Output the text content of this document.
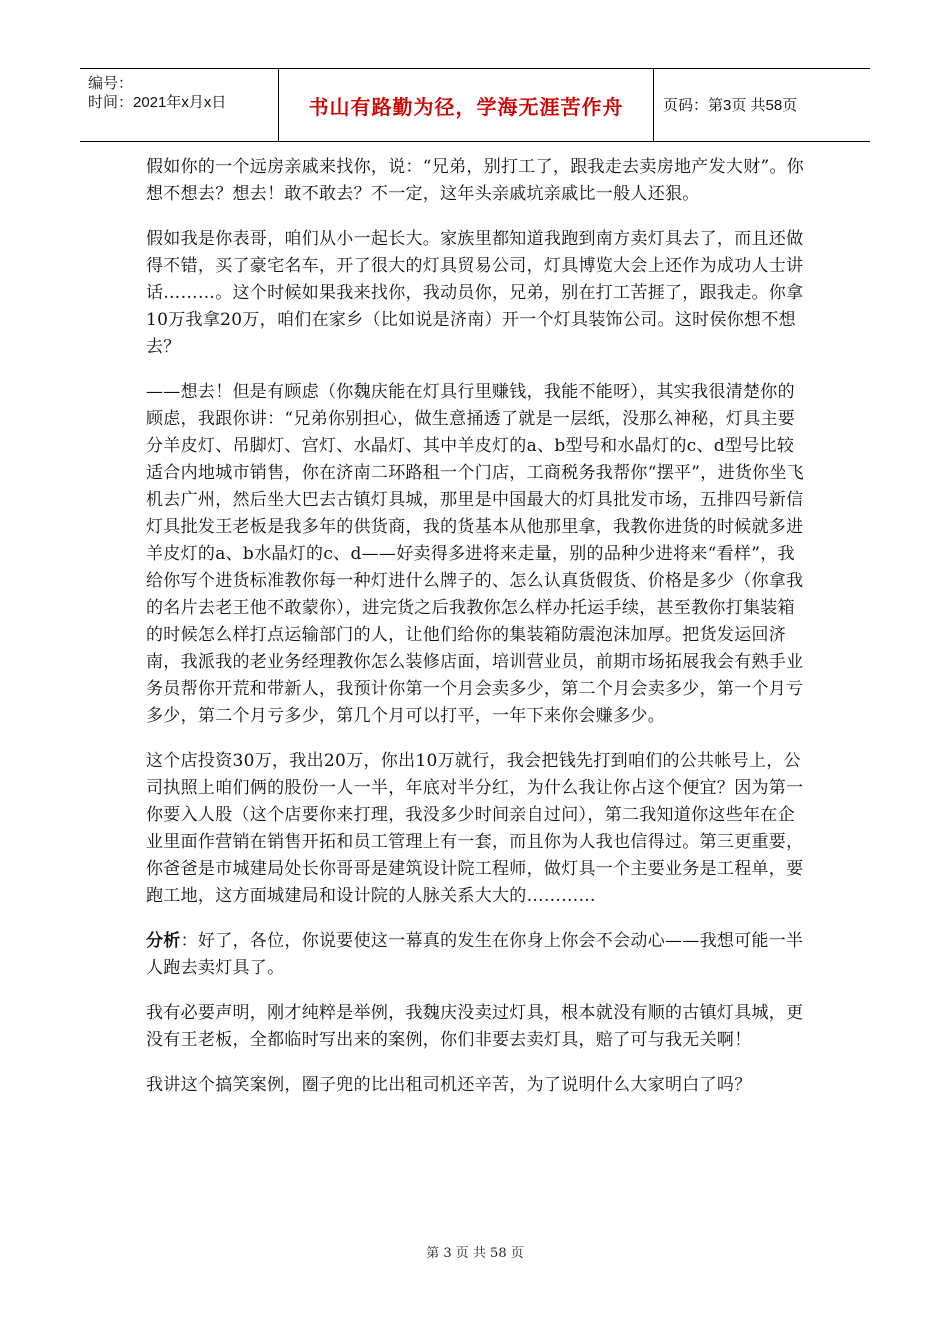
编号：
时间：2021年x月x日	书山有路勤为径，学海无涯苦作舟	页码：第3页 共58页

假如你的一个远房亲戚来找你，说：“兄弟，别打工了，跟我走去卖房地产发大财”。你想不想去？想去！敢不敢去？不一定，这年头亲戚坑亲戚比一般人还狠。

假如我是你表哥，咱们从小一起长大。家族里都知道我跑到南方卖灯具去了，而且还做得不错，买了豪宅名车，开了很大的灯具贸易公司，灯具博览大会上还作为成功人士讲话………。这个时候如果我来找你，我动员你，兄弟，别在打工苦捱了，跟我走。你拿10万我拿20万，咱们在家乡（比如说是济南）开一个灯具装饰公司。这时侯你想不想去？

——想去！但是有顾虑（你魏庆能在灯具行里赚钱，我能不能呀），其实我很清楚你的顾虑，我跟你讲：“兄弟你别担心，做生意捅透了就是一层纸，没那么神秘，灯具主要分羊皮灯、吊脚灯、宫灯、水晶灯、其中羊皮灯的a、b型号和水晶灯的c、d型号比较适合内地城市销售，你在济南二环路租一个门店，工商税务我帮你“摆平”，进货你坐飞机去广州，然后坐大巴去古镇灯具城，那里是中国最大的灯具批发市场，五排四号新信灯具批发王老板是我多年的供货商，我的货基本从他那里拿，我教你进货的时候就多进羊皮灯的a、b水晶灯的c、d——好卖得多进将来走量，别的品种少进将来“看样”，我给你写个进货标准教你每一种灯进什么牌子的、怎么认真货假货、价格是多少（你拿我的名片去老王他不敢蒙你），进完货之后我教你怎么样办托运手续，甚至教你打集装箱的时候怎么样打点运输部门的人，让他们给你的集装箱防震泡沫加厚。把货发运回济南，我派我的老业务经理教你怎么装修店面，培训营业员，前期市场拓展我会有熟手业务员帮你开荒和带新人，我预计你第一个月会卖多少，第二个月会卖多少，第一个月亏多少，第二个月亏多少，第几个月可以打平，一年下来你会赚多少。

这个店投资30万，我出20万，你出10万就行，我会把钱先打到咱们的公共帐号上，公司执照上咱们俩的股份一人一半，年底对半分红，为什么我让你占这个便宜？因为第一你要入人股（这个店要你来打理，我没多少时间亲自过问），第二我知道你这些年在企业里面作营销在销售开拓和员工管理上有一套，而且你为人我也信得过。第三更重要，你爸爸是市城建局处长你哥哥是建筑设计院工程师，做灯具一个主要业务是工程单，要跑工地，这方面城建局和设计院的人脉关系大大的…………

分析：好了，各位，你说要使这一幕真的发生在你身上你会不会动心——我想可能一半人跑去卖灯具了。

我有必要声明，刚才纯粹是举例，我魏庆没卖过灯具，根本就没有顺的古镇灯具城，更没有王老板，全都临时写出来的案例，你们非要去卖灯具，赔了可与我无关啊！

我讲这个搞笑案例，圈子兜的比出租司机还辛苦，为了说明什么大家明白了吗？

第 3 页 共 58 页
